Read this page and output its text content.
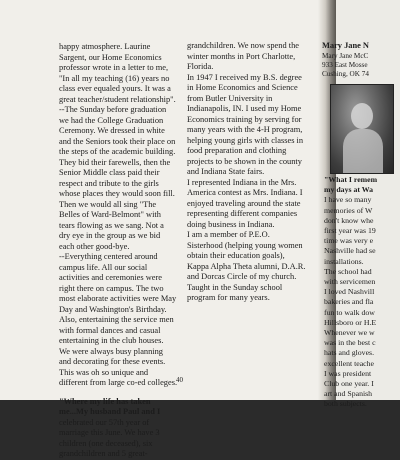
happy atmosphere. Laurine
Sargent, our Home Economics
professor wrote in a letter to me,
"In all my teaching (16) years no
class ever equaled yours. It was a
great teacher/student relationship".
--The Sunday before graduation
we had the College Graduation
Ceremony. We dressed in white
and the Seniors took their place on
the steps of the academic building.
They bid their farewells, then the
Senior Middle class paid their
respect and tribute to the girls
whose places they would soon fill.
Then we would all sing "The
Belles of Ward-Belmont" with
tears flowing as we sang. Not a
dry eye in the group as we bid
each other good-bye.
--Everything centered around
campus life. All our social
activities and ceremonies were
right there on campus. The two
most elaborate activities were May
Day and Washington's Birthday.
Also, entertaining the service men
with formal dances and casual
entertaining in the club houses.
We were always busy planning
and decorating for these events.
This was oh so unique and
different from large co-ed colleges.
"Where my life has taken
me...My husband Paul and I
celebrated our 57th year of
marriage this June. We have 3
children (one deceased), six
grandchildren and 5 great-
grandchildren. We now spend the
winter months in Port Charlotte,
Florida.
In 1947 I received my B.S. degree
in Home Economics and Science
from Butler University in
Indianapolis, IN. I used my Home
Economics training by serving for
many years with the 4-H program,
helping young girls with classes in
food preparation and clothing
projects to be shown in the county
and Indiana State fairs.
I represented Indiana in the Mrs.
America contest as Mrs. Indiana. I
enjoyed traveling around the state
representing different companies
doing business in Indiana.
I am a member of P.E.O.
Sisterhood (helping young women
obtain their education goals),
Kappa Alpha Theta alumni, D.A.R.
and Dorcas Circle of my church.
Taught in the Sunday school
program for many years.
40
Mary Jane N
Mary Jane McC
933 East Mosse
Cushing, OK 74
"What I remem
my days at Wa
I have so many
memories of W
don't know whe
first year was 19
time was very e
Nashville had se
installations.
The school had
with servicemen
I loved Nashvill
bakeries and fla
fun to walk dow
Hillsboro or H.E
Whenever we w
was in the best c
hats and gloves.
excellent teache
I was president
Club one year. I
art and Spanish
both subjects.
